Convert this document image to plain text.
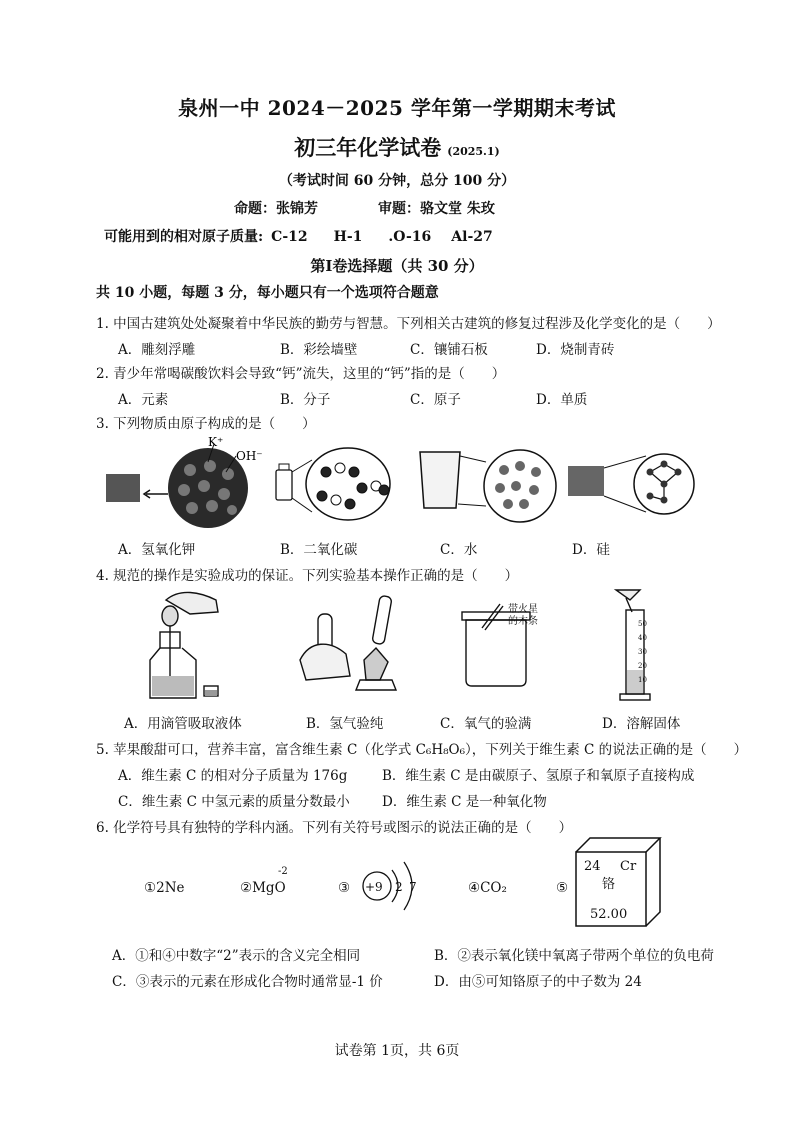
泉州一中 2024－2025 学年第一学期期末考试
初三年化学试卷 (2025.1)
（考试时间 60 分钟，总分 100 分）
命题：张锦芳	审题：骆文堂 朱玫
可能用到的相对原子质量: C-12 H-1 .O-16 Al-27
第Ⅰ卷选择题（共 30 分）
共 10 小题，每题 3 分，每小题只有一个选项符合题意
1. 中国古建筑处处凝聚着中华民族的勤劳与智慧。下列相关古建筑的修复过程涉及化学变化的是（　　）
A．雕刻浮雕	B．彩绘墙壁	C．镶铺石板	D．烧制青砖
2. 青少年常喝碳酸饮料会导致“钙”流失，这里的“钙”指的是（　　）
A．元素	B．分子	C．原子	D．单质
3. 下列物质由原子构成的是（　　）
K⁺
OH⁻
A．氢氧化钾	B．二氧化碳	C．水	D．硅
4. 规范的操作是实验成功的保证。下列实验基本操作正确的是（　　）
带火星
的木条	50
40
30
20
10
A．用滴管吸取液体	B．氢气验纯	C．氧气的验满	D．溶解固体
5. 苹果酸甜可口，营养丰富，富含维生素 C（化学式 C₆H₈O₆），下列关于维生素 C 的说法正确的是（　　）
A．维生素 C 的相对分子质量为 176g	B．维生素 C 是由碳原子、氢原子和氧原子直接构成
C．维生素 C 中氢元素的质量分数最小 D．维生素 C 是一种氧化物
6. 化学符号具有独特的学科内涵。下列有关符号或图示的说法正确的是（　　）
①2Ne	②MgO
-2
③	④CO₂	⑤
+9 2 7
24 Cr
铬
52.00
A．①和④中数字“2”表示的含义完全相同	B．②表示氧化镁中氧离子带两个单位的负电荷
C．③表示的元素在形成化合物时通常显-1 价	D．由⑤可知铬原子的中子数为 24
试卷第 1页，共 6页
